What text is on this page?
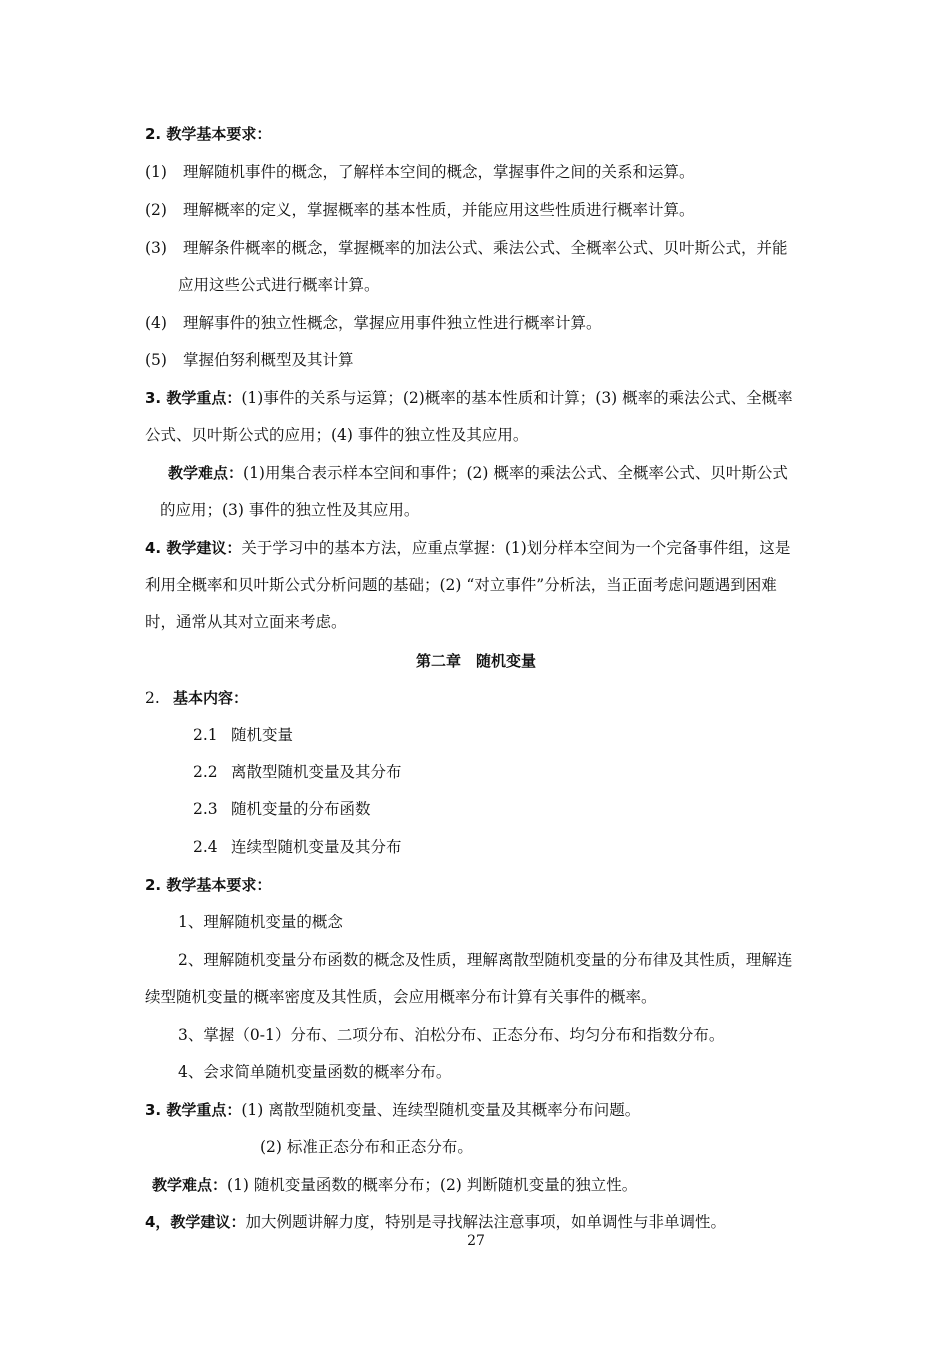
2. 教学基本要求：
(1) 理解随机事件的概念，了解样本空间的概念，掌握事件之间的关系和运算。
(2) 理解概率的定义，掌握概率的基本性质，并能应用这些性质进行概率计算。
(3) 理解条件概率的概念，掌握概率的加法公式、乘法公式、全概率公式、贝叶斯公式，并能
应用这些公式进行概率计算。
(4) 理解事件的独立性概念，掌握应用事件独立性进行概率计算。
(5) 掌握伯努利概型及其计算
3. 教学重点：(1)事件的关系与运算；(2)概率的基本性质和计算；(3) 概率的乘法公式、全概率
公式、贝叶斯公式的应用；(4) 事件的独立性及其应用。
教学难点：(1)用集合表示样本空间和事件；(2) 概率的乘法公式、全概率公式、贝叶斯公式
的应用；(3) 事件的独立性及其应用。
4. 教学建议：关于学习中的基本方法，应重点掌握：(1)划分样本空间为一个完备事件组，这是
利用全概率和贝叶斯公式分析问题的基础；(2) “对立事件”分析法，当正面考虑问题遇到困难
时，通常从其对立面来考虑。
第二章　随机变量
2. 基本内容：
2.1 随机变量
2.2 离散型随机变量及其分布
2.3 随机变量的分布函数
2.4 连续型随机变量及其分布
2. 教学基本要求：
1、理解随机变量的概念
2、理解随机变量分布函数的概念及性质，理解离散型随机变量的分布律及其性质，理解连
续型随机变量的概率密度及其性质，会应用概率分布计算有关事件的概率。
3、掌握（0-1）分布、二项分布、泊松分布、正态分布、均匀分布和指数分布。
4、会求简单随机变量函数的概率分布。
3. 教学重点：(1) 离散型随机变量、连续型随机变量及其概率分布问题。
(2) 标准正态分布和正态分布。
教学难点：(1) 随机变量函数的概率分布；(2) 判断随机变量的独立性。
4，教学建议：加大例题讲解力度，特别是寻找解法注意事项，如单调性与非单调性。
27
